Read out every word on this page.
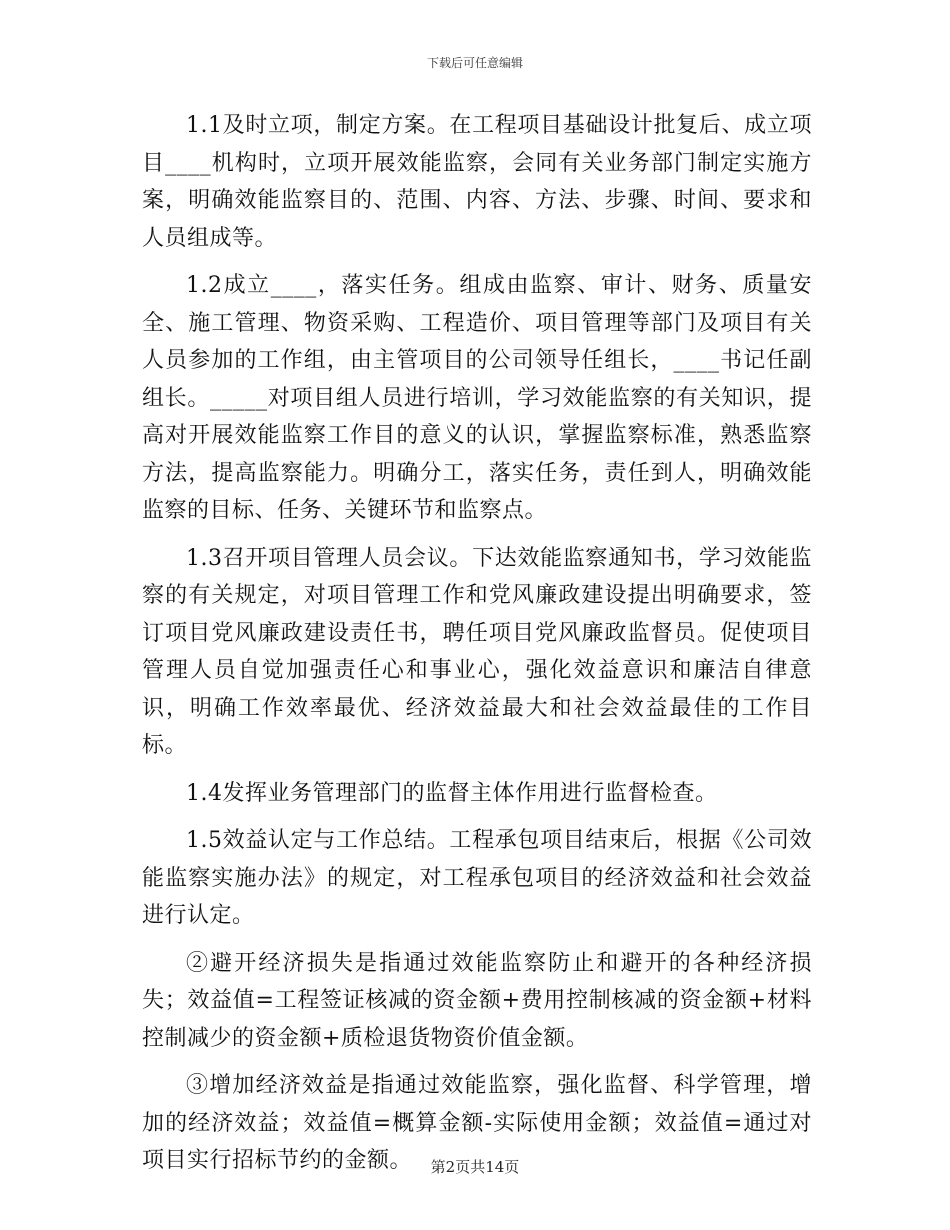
下载后可任意编辑

1.1及时立项，制定方案。在工程项目基础设计批复后、成立项目____机构时，立项开展效能监察，会同有关业务部门制定实施方案，明确效能监察目的、范围、内容、方法、步骤、时间、要求和人员组成等。

1.2成立____，落实任务。组成由监察、审计、财务、质量安全、施工管理、物资采购、工程造价、项目管理等部门及项目有关人员参加的工作组，由主管项目的公司领导任组长，____书记任副组长。_____对项目组人员进行培训，学习效能监察的有关知识，提高对开展效能监察工作目的意义的认识，掌握监察标准，熟悉监察方法，提高监察能力。明确分工，落实任务，责任到人，明确效能监察的目标、任务、关键环节和监察点。

1.3召开项目管理人员会议。下达效能监察通知书，学习效能监察的有关规定，对项目管理工作和党风廉政建设提出明确要求，签订项目党风廉政建设责任书，聘任项目党风廉政监督员。促使项目管理人员自觉加强责任心和事业心，强化效益意识和廉洁自律意识，明确工作效率最优、经济效益最大和社会效益最佳的工作目标。

1.4发挥业务管理部门的监督主体作用进行监督检查。

1.5效益认定与工作总结。工程承包项目结束后，根据《公司效能监察实施办法》的规定，对工程承包项目的经济效益和社会效益进行认定。

②避开经济损失是指通过效能监察防止和避开的各种经济损失；效益值=工程签证核减的资金额+费用控制核减的资金额+材料控制减少的资金额+质检退货物资价值金额。

③增加经济效益是指通过效能监察，强化监督、科学管理，增加的经济效益；效益值=概算金额-实际使用金额；效益值=通过对项目实行招标节约的金额。	第2页共14页
